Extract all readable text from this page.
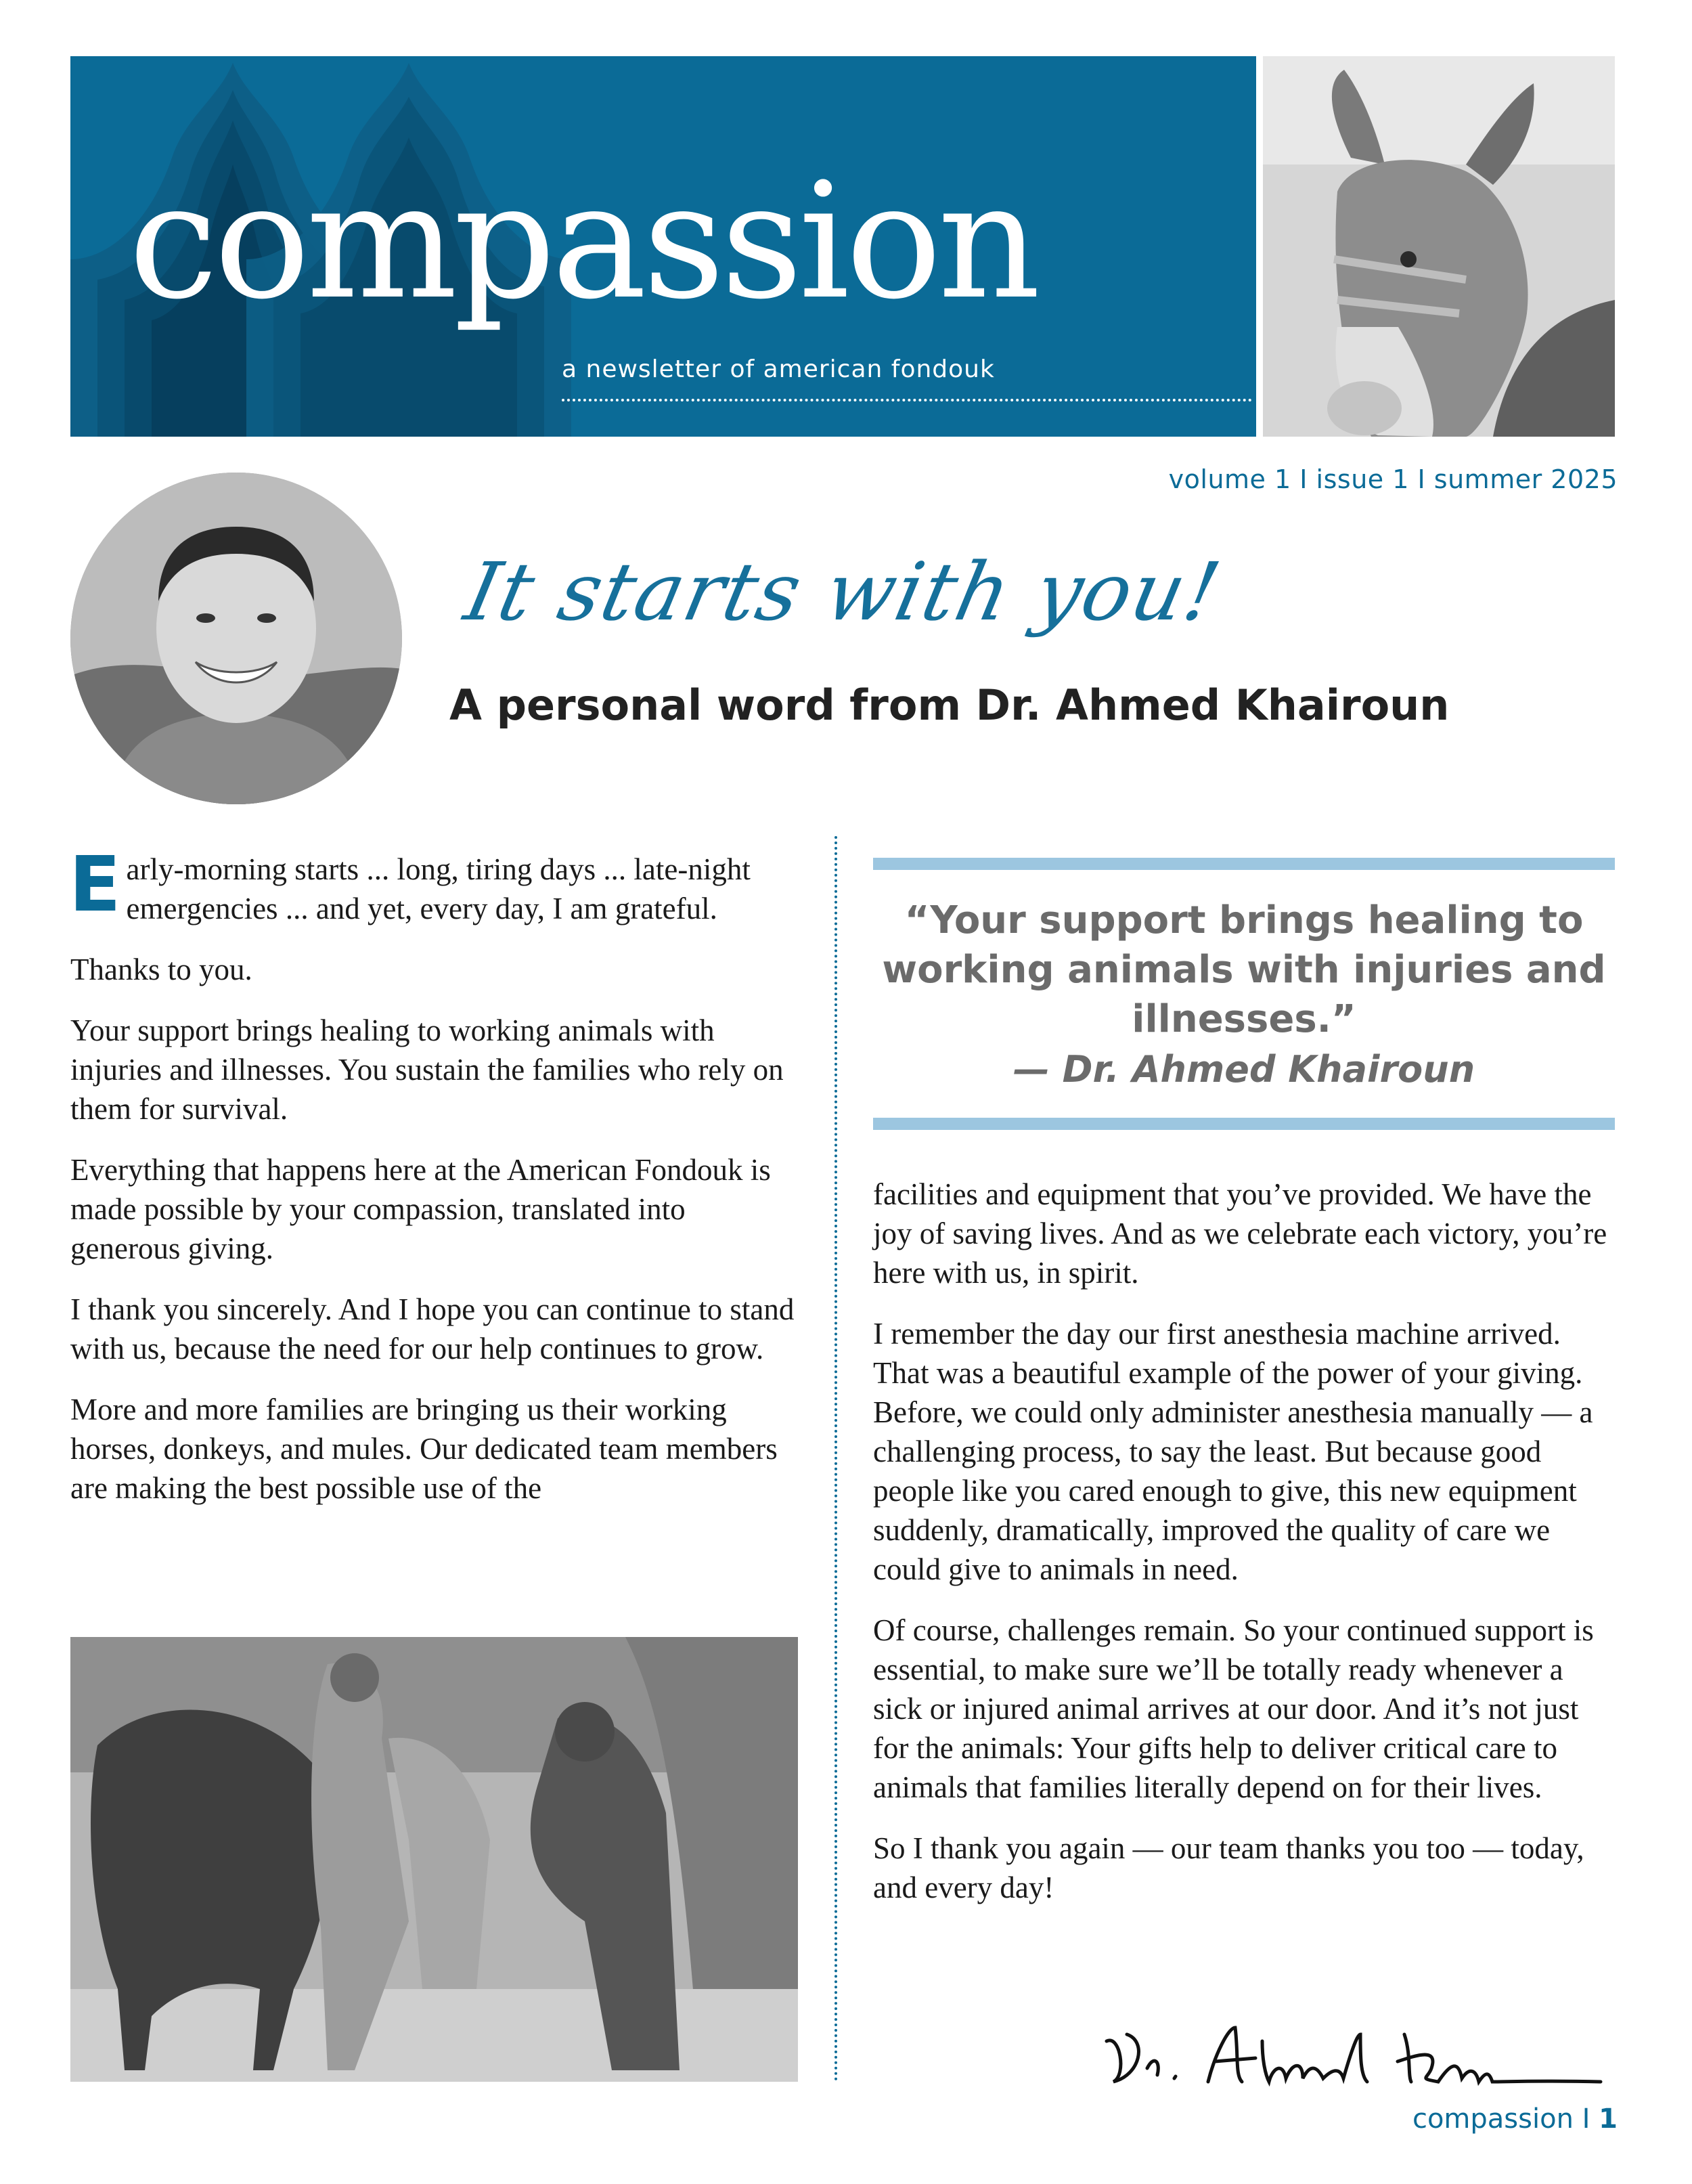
compassion
a newsletter of american fondouk
volume 1 I issue 1 I summer 2025
It starts with you!
A personal word from Dr. Ahmed Khairoun

Early-morning starts ... long, tiring days ... late-night emergencies ... and yet, every day, I am grateful.

Thanks to you.

Your support brings healing to working animals with injuries and illnesses. You sustain the families who rely on them for survival.

Everything that happens here at the American Fondouk is made possible by your compassion, translated into generous giving.

I thank you sincerely. And I hope you can continue to stand with us, because the need for our help continues to grow.

More and more families are bringing us their working horses, donkeys, and mules. Our dedicated team members are making the best possible use of the

“Your support brings healing to working animals with injuries and illnesses.”

— Dr. Ahmed Khairoun

facilities and equipment that you’ve provided. We have the joy of saving lives. And as we celebrate each victory, you’re here with us, in spirit.

I remember the day our first anesthesia machine arrived. That was a beautiful example of the power of your giving. Before, we could only administer anesthesia manually — a challenging process, to say the least. But because good people like you cared enough to give, this new equipment suddenly, dramatically, improved the quality of care we could give to animals in need.

Of course, challenges remain. So your continued support is essential, to make sure we’ll be totally ready whenever a sick or injured animal arrives at our door. And it’s not just for the animals: Your gifts help to deliver critical care to animals that families literally depend on for their lives.

So I thank you again — our team thanks you too — today, and every day!

compassion I 1
